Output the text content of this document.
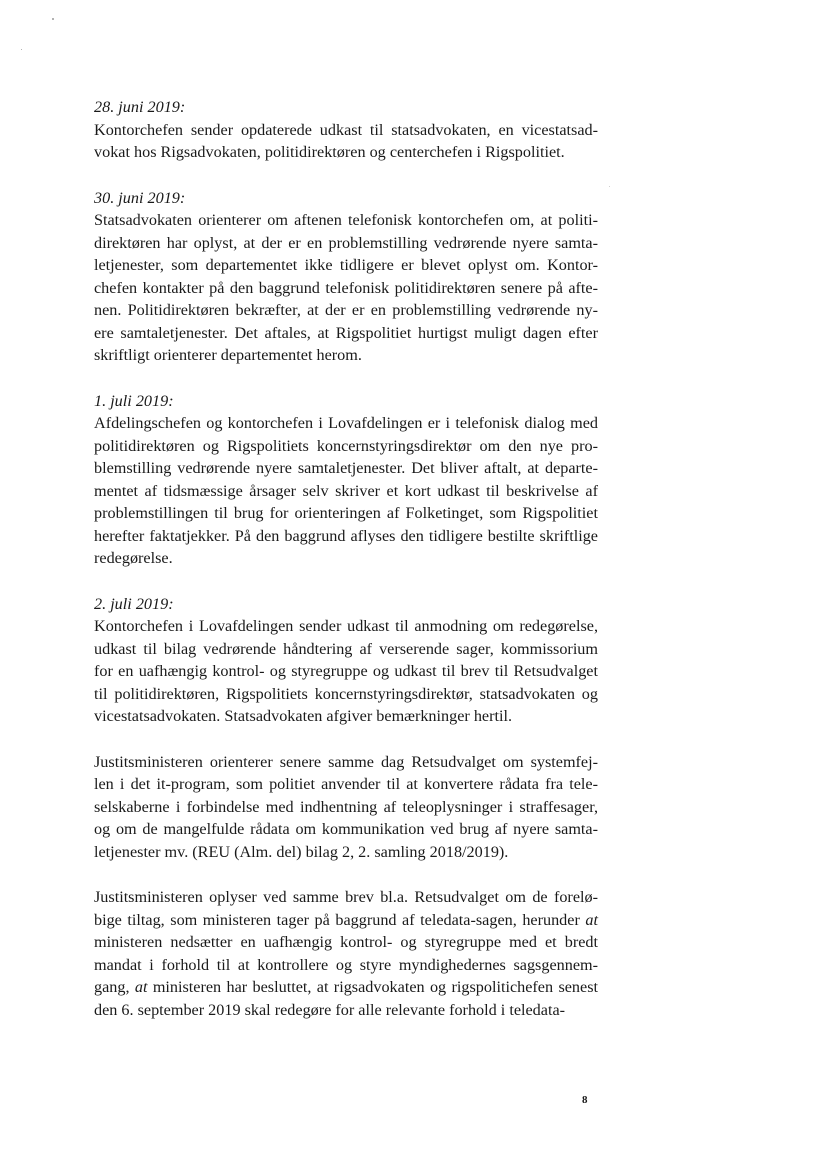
28. juni 2019:
Kontorchefen sender opdaterede udkast til statsadvokaten, en vicestatsad-
vokat hos Rigsadvokaten, politidirektøren og centerchefen i Rigspolitiet.
30. juni 2019:
Statsadvokaten orienterer om aftenen telefonisk kontorchefen om, at politi-
direktøren har oplyst, at der er en problemstilling vedrørende nyere samta-
letjenester, som departementet ikke tidligere er blevet oplyst om. Kontor-
chefen kontakter på den baggrund telefonisk politidirektøren senere på afte-
nen. Politidirektøren bekræfter, at der er en problemstilling vedrørende ny-
ere samtaletjenester. Det aftales, at Rigspolitiet hurtigst muligt dagen efter
skriftligt orienterer departementet herom.
1. juli 2019:
Afdelingschefen og kontorchefen i Lovafdelingen er i telefonisk dialog med
politidirektøren og Rigspolitiets koncernstyringsdirektør om den nye pro-
blemstilling vedrørende nyere samtaletjenester. Det bliver aftalt, at departe-
mentet af tidsmæssige årsager selv skriver et kort udkast til beskrivelse af
problemstillingen til brug for orienteringen af Folketinget, som Rigspolitiet
herefter faktatjekker. På den baggrund aflyses den tidligere bestilte skriftlige
redegørelse.
2. juli 2019:
Kontorchefen i Lovafdelingen sender udkast til anmodning om redegørelse,
udkast til bilag vedrørende håndtering af verserende sager, kommissorium
for en uafhængig kontrol- og styregruppe og udkast til brev til Retsudvalget
til politidirektøren, Rigspolitiets koncernstyringsdirektør, statsadvokaten og
vicestatsadvokaten. Statsadvokaten afgiver bemærkninger hertil.
Justitsministeren orienterer senere samme dag Retsudvalget om systemfej-
len i det it-program, som politiet anvender til at konvertere rådata fra tele-
selskaberne i forbindelse med indhentning af teleoplysninger i straffesager,
og om de mangelfulde rådata om kommunikation ved brug af nyere samta-
letjenester mv. (REU (Alm. del) bilag 2, 2. samling 2018/2019).
Justitsministeren oplyser ved samme brev bl.a. Retsudvalget om de forelø-
bige tiltag, som ministeren tager på baggrund af teledata-sagen, herunder at
ministeren nedsætter en uafhængig kontrol- og styregruppe med et bredt
mandat i forhold til at kontrollere og styre myndighedernes sagsgennem-
gang, at ministeren har besluttet, at rigsadvokaten og rigspolitichefen senest
den 6. september 2019 skal redegøre for alle relevante forhold i teledata-
8
